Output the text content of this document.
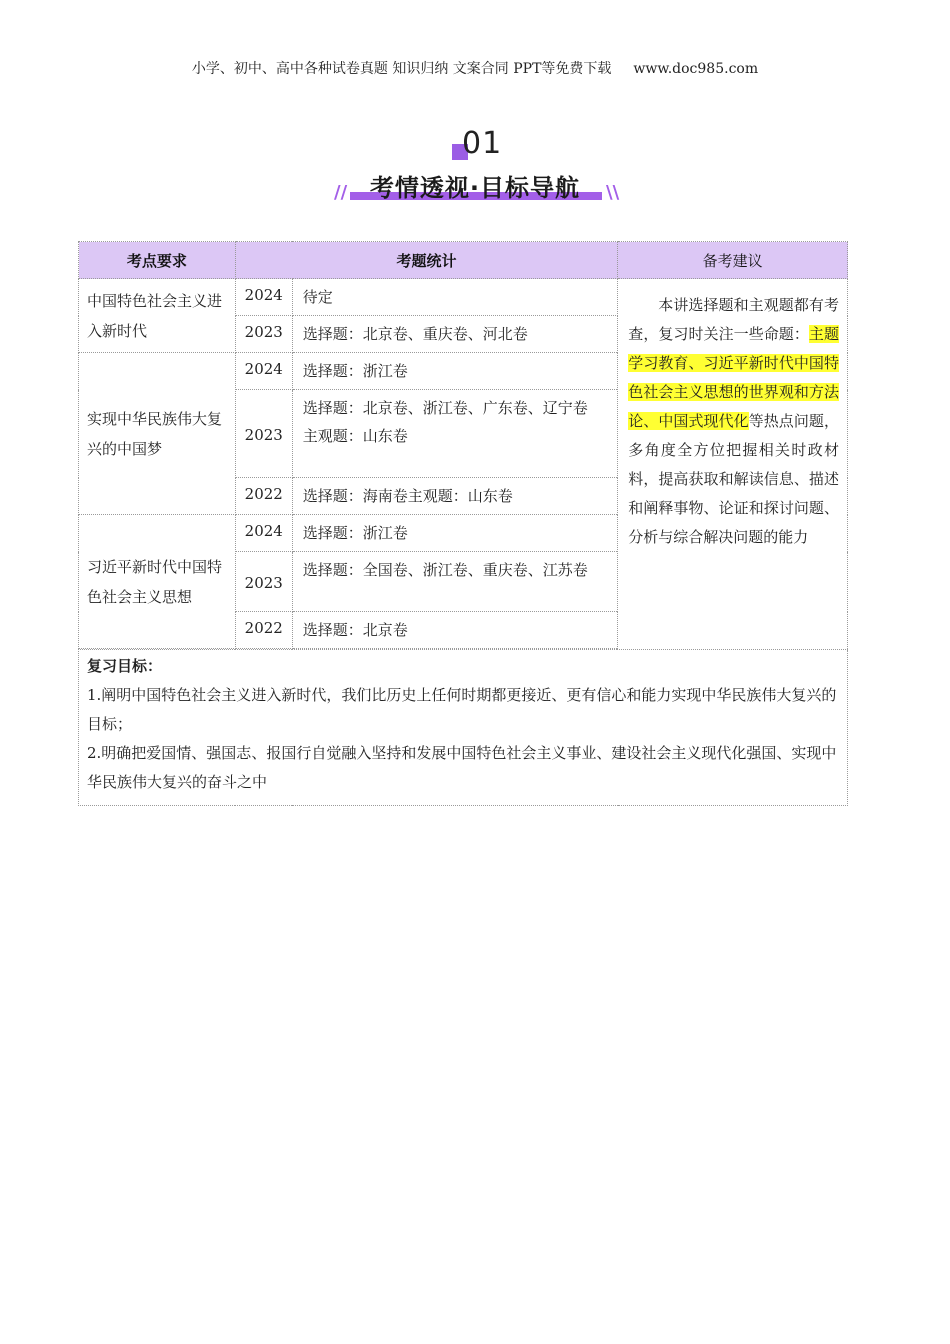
小学、初中、高中各种试卷真题 知识归纳 文案合同 PPT等免费下载 www.doc985.com
01
// 考情透视·目标导航	\\
考点要求	考题统计		备考建议
中国特色社会主义进入新时代	2024	待定	本讲选择题和主观题都有考查，复习时关注一些命题：主题学习教育、习近平新时代中国特色社会主义思想的世界观和方法论、中国式现代化等热点问题，多角度全方位把握相关时政材料，提高获取和解读信息、描述和阐释事物、论证和探讨问题、分析与综合解决问题的能力
	2023	选择题：北京卷、重庆卷、河北卷	
实现中华民族伟大复兴的中国梦	2024	选择题：浙江卷	
	2023	选择题：北京卷、浙江卷、广东卷、辽宁卷
主观题：山东卷	

	2022	选择题：海南卷主观题：山东卷	
习近平新时代中国特色社会主义思想	2024	选择题：浙江卷	
	2023	选择题：全国卷、浙江卷、重庆卷、江苏卷	
	2022	选择题：北京卷	

复习目标：
1.阐明中国特色社会主义进入新时代，我们比历史上任何时期都更接近、更有信心和能力实现中华民族伟大复兴的目标；
2.明确把爱国情、强国志、报国行自觉融入坚持和发展中国特色社会主义事业、建设社会主义现代化强国、实现中华民族伟大复兴的奋斗之中			
